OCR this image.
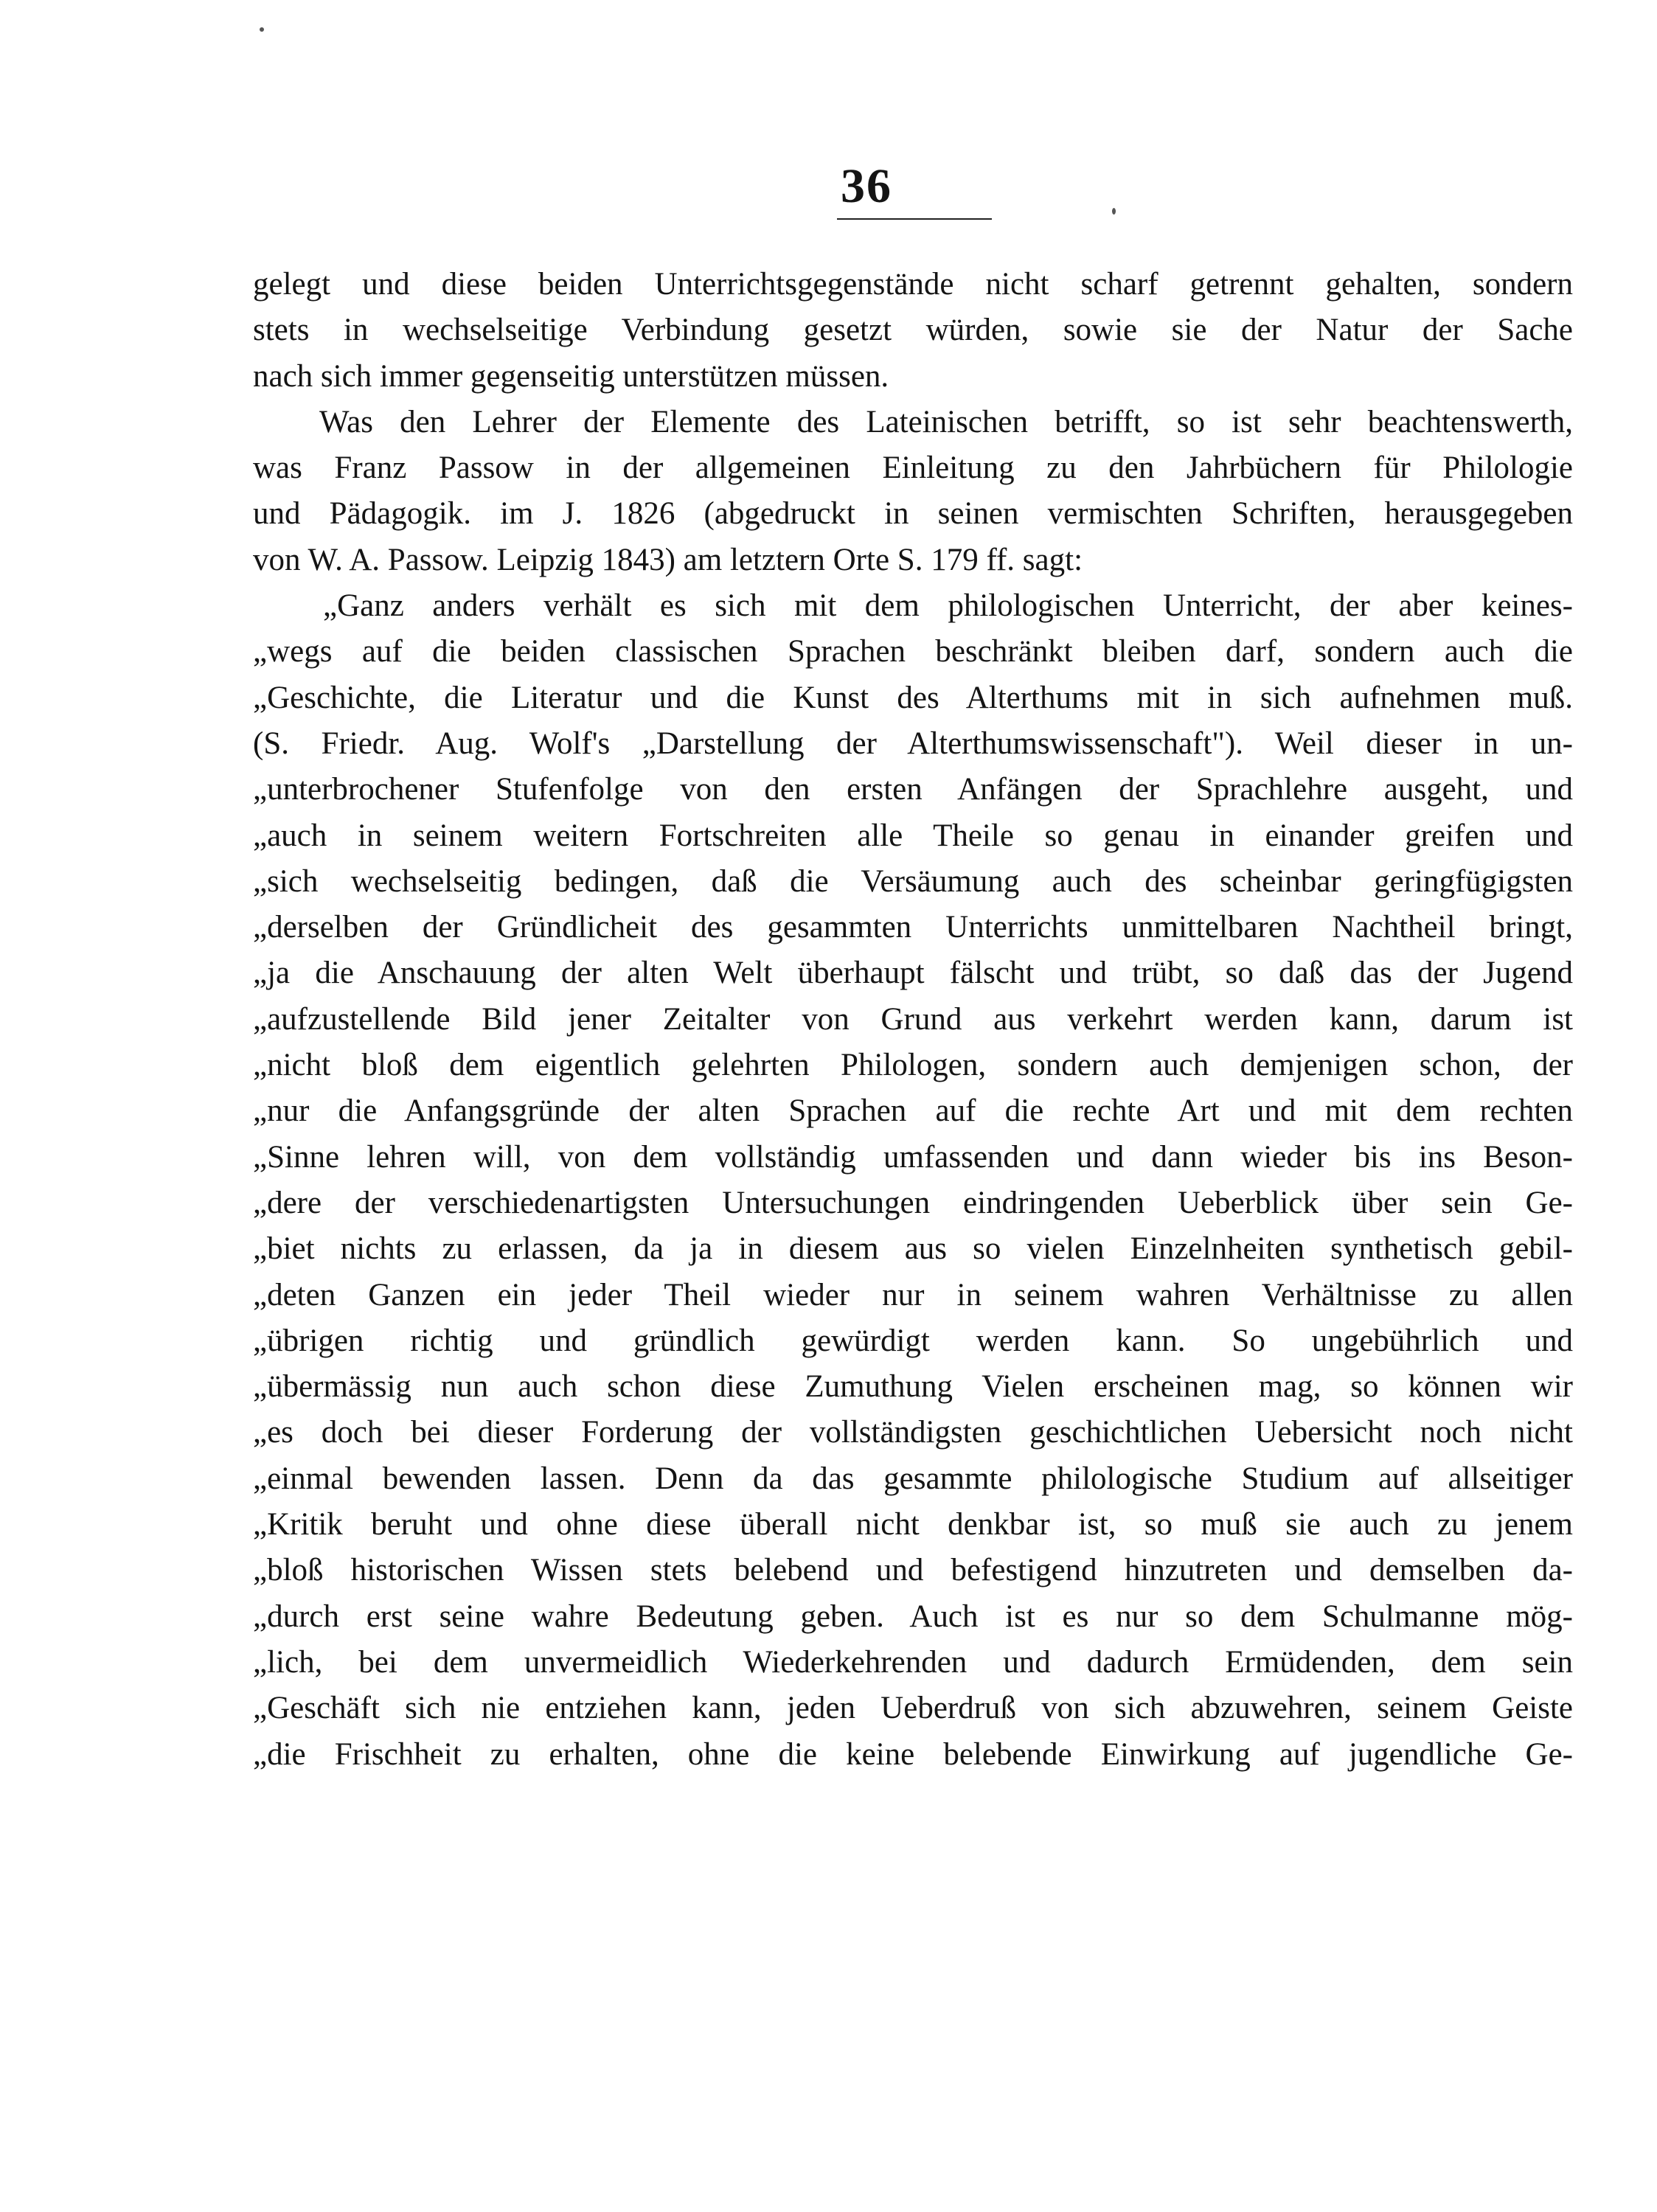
36
gelegt und diese beiden Unterrichtsgegenstände nicht scharf getrennt gehalten, sondern
stets in wechselseitige Verbindung gesetzt würden, sowie sie der Natur der Sache
nach sich immer gegenseitig unterstützen müssen.
Was den Lehrer der Elemente des Lateinischen betrifft, so ist sehr beachtenswerth,
was Franz Passow in der allgemeinen Einleitung zu den Jahrbüchern für Philologie
und Pädagogik. im J. 1826 (abgedruckt in seinen vermischten Schriften, herausgegeben
von W. A. Passow. Leipzig 1843) am letztern Orte S. 179 ff. sagt:
„Ganz anders verhält es sich mit dem philologischen Unterricht, der aber keines-
„wegs auf die beiden classischen Sprachen beschränkt bleiben darf, sondern auch die
„Geschichte, die Literatur und die Kunst des Alterthums mit in sich aufnehmen muß.
(S. Friedr. Aug. Wolf's „Darstellung der Alterthumswissenschaft"). Weil dieser in un-
„unterbrochener Stufenfolge von den ersten Anfängen der Sprachlehre ausgeht, und
„auch in seinem weitern Fortschreiten alle Theile so genau in einander greifen und
„sich wechselseitig bedingen, daß die Versäumung auch des scheinbar geringfügigsten
„derselben der Gründlicheit des gesammten Unterrichts unmittelbaren Nachtheil bringt,
„ja die Anschauung der alten Welt überhaupt fälscht und trübt, so daß das der Jugend
„aufzustellende Bild jener Zeitalter von Grund aus verkehrt werden kann, darum ist
„nicht bloß dem eigentlich gelehrten Philologen, sondern auch demjenigen schon, der
„nur die Anfangsgründe der alten Sprachen auf die rechte Art und mit dem rechten
„Sinne lehren will, von dem vollständig umfassenden und dann wieder bis ins Beson-
„dere der verschiedenartigsten Untersuchungen eindringenden Ueberblick über sein Ge-
„biet nichts zu erlassen, da ja in diesem aus so vielen Einzelnheiten synthetisch gebil-
„deten Ganzen ein jeder Theil wieder nur in seinem wahren Verhältnisse zu allen
„übrigen richtig und gründlich gewürdigt werden kann. So ungebührlich und
„übermässig nun auch schon diese Zumuthung Vielen erscheinen mag, so können wir
„es doch bei dieser Forderung der vollständigsten geschichtlichen Uebersicht noch nicht
„einmal bewenden lassen. Denn da das gesammte philologische Studium auf allseitiger
„Kritik beruht und ohne diese überall nicht denkbar ist, so muß sie auch zu jenem
„bloß historischen Wissen stets belebend und befestigend hinzutreten und demselben da-
„durch erst seine wahre Bedeutung geben. Auch ist es nur so dem Schulmanne mög-
„lich, bei dem unvermeidlich Wiederkehrenden und dadurch Ermüdenden, dem sein
„Geschäft sich nie entziehen kann, jeden Ueberdruß von sich abzuwehren, seinem Geiste
„die Frischheit zu erhalten, ohne die keine belebende Einwirkung auf jugendliche Ge-
